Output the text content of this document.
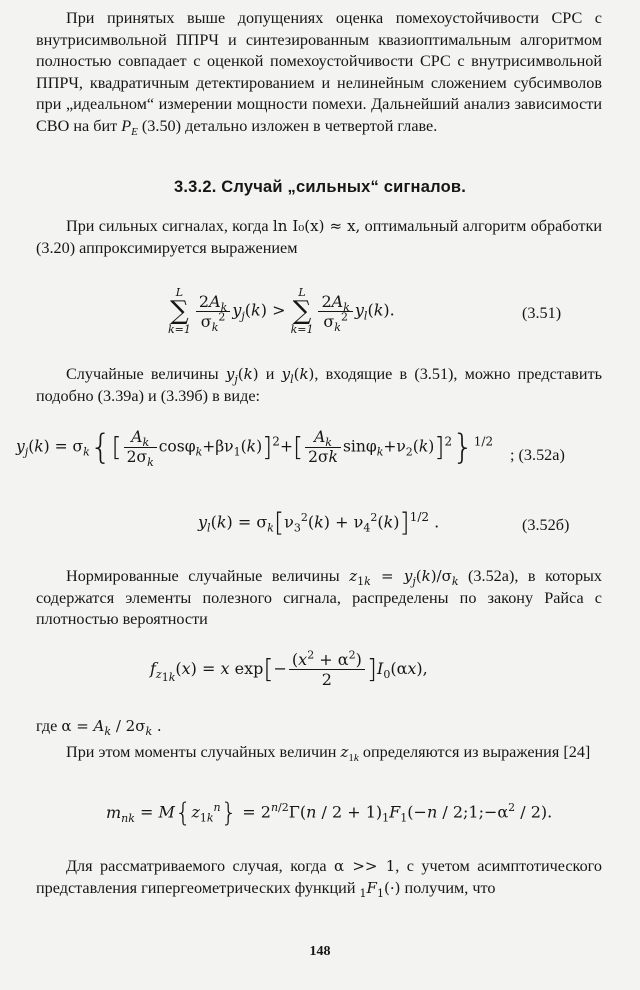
При принятых выше допущениях оценка помехоустойчивости СРС с внутрисимвольной ППРЧ и синтезированным квазиоптимальным алгоритмом полностью совпадает с оценкой помехоустойчивости СРС с внутрисимвольной ППРЧ, квадратичным детектированием и нелинейным сложением субсимволов при „идеальном“ измерении мощности помехи. Дальнейший анализ зависимости СВО на бит $P_E$ (3.50) детально изложен в четвертой главе.

3.3.2. Случай „сильных“ сигналов.

При сильных сигналах, когда ln I₀(x) ≈ x, оптимальный алгоритм обработки (3.20) аппроксимируется выражением

L
∑
$k=1 \frac{2A_k}{\sigma_k^2} y_j(k)$ >
L
∑
$k=1 \frac{2A_k}{\sigma_k^2} y_l(k)$.	(3.51)

Случайные величины $y_j(k)$ и $y_l(k)$, входящие в (3.51), можно представить подобно (3.39а) и (3.39б) в виде:

$y_j(k) = \sigma_k\{[ \frac{A_k}{2\sigma_k} \cos\varphi_k+\beta\nu_1(k)]^2+[ \frac{A_k}{2\sigma k} \sin\varphi_k+\nu_2(k)]^2\}^{1/2}$

; (3.52а)

$y_l(k) = \sigma_k[\nu_3^2(k) + \nu_4^2(k)]^{1/2}$ .	(3.52б)

Нормированные случайные величины $z_{1k} = y_j(k)/\sigma_k$ (3.52а), в которых содержатся элементы полезного сигнала, распределены по закону Райса с плотностью вероятности

$f_{z_{1k}}(x) = x$ $\exp[- \frac{(x^2 + \alpha^2)}{2} ]I_0(\alpha x)$,

где $\alpha = A_k / 2\sigma_k$ .

При этом моменты случайных величин $z_{1k}$ определяются из выражения [24]

$m_{nk} = M\{z_{1k}^n\} = 2^{n/2}\Gamma(n / 2 + 1)_1F_1(-n$ / $2;1;-\alpha^2 / 2$).

Для рассматриваемого случая, когда α >> 1, с учетом асимптотического представления гипергеометрических функций $_1F_1(\cdot)$ получим, что

148
